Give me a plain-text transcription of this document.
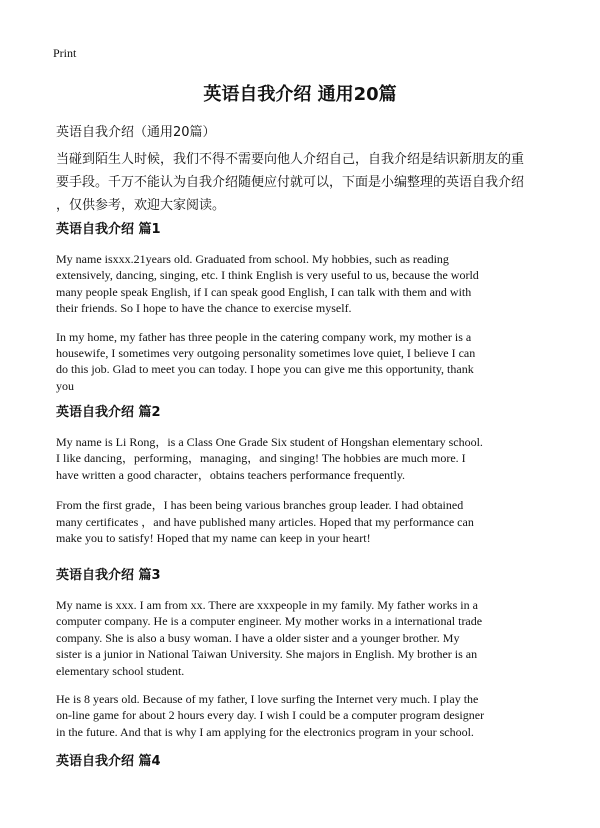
Print
英语自我介绍 通用20篇
英语自我介绍（通用20篇）
当碰到陌生人时候，我们不得不需要向他人介绍自己，自我介绍是结识新朋友的重
要手段。千万不能认为自我介绍随便应付就可以，下面是小编整理的英语自我介绍
，仅供参考，欢迎大家阅读。
英语自我介绍 篇1
My name isxxx.21years old. Graduated from school. My hobbies, such as reading
extensively, dancing, singing, etc. I think English is very useful to us, because the world
many people speak English, if I can speak good English, I can talk with them and with
their friends. So I hope to have the chance to exercise myself.
In my home, my father has three people in the catering company work, my mother is a
housewife, I sometimes very outgoing personality sometimes love quiet, I believe I can
do this job. Glad to meet you can today. I hope you can give me this opportunity, thank
you
英语自我介绍 篇2
My name is Li Rong，is a Class One Grade Six student of Hongshan elementary school.
I like dancing，performing，managing，and singing! The hobbies are much more. I
have written a good character，obtains teachers performance frequently.
From the first grade，I has been being various branches group leader. I had obtained
many certificates ，and have published many articles. Hoped that my performance can
make you to satisfy! Hoped that my name can keep in your heart!
英语自我介绍 篇3
My name is xxx. I am from xx. There are xxxpeople in my family. My father works in a
computer company. He is a computer engineer. My mother works in a international trade
company. She is also a busy woman. I have a older sister and a younger brother. My
sister is a junior in National Taiwan University. She majors in English. My brother is an
elementary school student.
He is 8 years old. Because of my father, I love surfing the Internet very much. I play the
on-line game for about 2 hours every day. I wish I could be a computer program designer
in the future. And that is why I am applying for the electronics program in your school.
英语自我介绍 篇4
